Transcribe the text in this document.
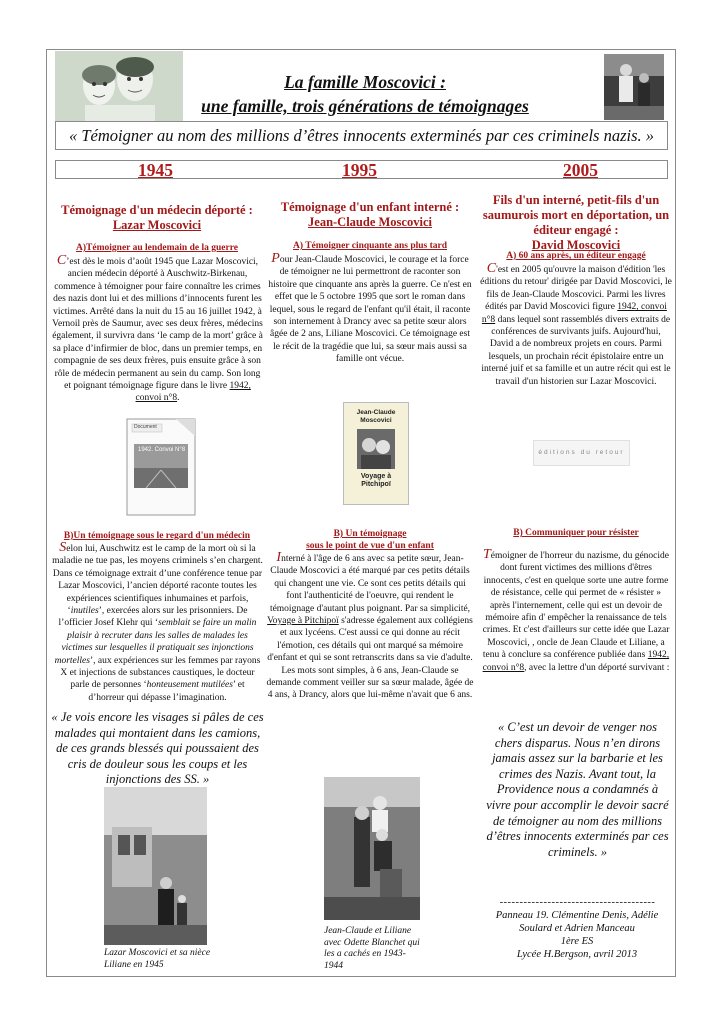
La famille Moscovici :
une famille, trois générations de témoignages
« Témoigner au nom des millions d’êtres innocents exterminés par ces criminels nazis. »
1945	1995	2005
Témoignage d'un médecin déporté :
Lazar Moscovici
A)Témoigner au lendemain de la guerre
C’est dès le mois d’août 1945 que Lazar Moscovici, ancien médecin déporté à Auschwitz-Birkenau, commence à témoigner pour faire connaître les crimes des nazis dont lui et des millions d’innocents furent les victimes. Arrêté dans la nuit du 15 au 16 juillet 1942, à Vernoil près de Saumur, avec ses deux frères, médecins également, il survivra dans ‘le camp de la mort’ grâce à sa place d’infirmier de bloc, dans un premier temps, en compagnie de ses deux frères, puis ensuite grâce à son rôle de médecin permanent au sein du camp. Son long et poignant témoignage figure dans le livre 1942, convoi n°8.
Document
1942. Convoi N°8
B)Un témoignage sous le regard d'un médecin
Selon lui, Auschwitz est le camp de la mort où si la maladie ne tue pas, les moyens criminels s’en chargent. Dans ce témoignage extrait d’une conférence tenue par Lazar Moscovici, l’ancien déporté raconte toutes les expériences scientifiques inhumaines et parfois, ‘inutiles’, exercées alors sur les prisonniers. De l’officier Josef Klehr qui ‘semblait se faire un malin plaisir à recruter dans les salles de malades les victimes sur lesquelles il pratiquait ses injonctions mortelles’, aux expériences sur les femmes par rayons X et injections de substances caustiques, le docteur parle de personnes ‘honteusement mutilées’ et d’horreur qui dépasse l’imagination.
« Je vois encore les visages si pâles de ces malades qui montaient dans les camions, de ces grands blessés qui poussaient des cris de douleur sous les coups et les injonctions des SS. »
Lazar Moscovici et sa nièce Liliane en 1945
Témoignage d'un enfant interné :
Jean-Claude Moscovici
A) Témoigner cinquante ans plus tard
Pour Jean-Claude Moscovici, le courage et la force de témoigner ne lui permettront de raconter son histoire que cinquante ans après la guerre. Ce n'est en effet que le 5 octobre 1995 que sort le roman dans lequel, sous le regard de l'enfant qu'il était, il raconte son internement à Drancy avec sa petite sœur alors âgée de 2 ans, Liliane Moscovici. Ce témoignage est le récit de la tragédie que lui, sa sœur mais aussi sa famille ont vécue.
Jean-Claude Moscovici
Voyage à Pitchipoï
B) Un témoignage
sous le point de vue d'un enfant
Interné à l'âge de 6 ans avec sa petite sœur, Jean-Claude Moscovici a été marqué par ces petits détails qui changent une vie. Ce sont ces petits détails qui font l'authenticité de l'oeuvre, qui rendent le témoignage d'autant plus poignant. Par sa simplicité, Voyage à Pitchipoï s'adresse également aux collégiens et aux lycéens. C'est aussi ce qui donne au récit l'émotion, ces détails qui ont marqué sa mémoire d'enfant et qui se sont retranscrits dans sa vie d'adulte. Les mots sont simples, à 6 ans, Jean-Claude se demande comment veiller sur sa sœur malade, âgée de 4 ans, à Drancy, alors que lui-même n'avait que 6 ans.
Jean-Claude et Liliane avec Odette Blanchet qui les a cachés en 1943-1944
Fils d'un interné, petit-fils d'un saumurois mort en déportation, un éditeur engagé :
David Moscovici
A) 60 ans après, un éditeur engagé
C'est en 2005 qu'ouvre la maison d'édition 'les éditions du retour' dirigée par David Moscovici, le fils de Jean-Claude Moscovici. Parmi les livres édités par David Moscovici figure 1942, convoi n°8 dans lequel sont rassemblés divers extraits de conférences de survivants juifs. Aujourd'hui, David a de nombreux projets en cours. Parmi lesquels, un prochain récit épistolaire entre un interné juif et sa famille et un autre récit qui est le travail d'un historien sur Lazar Moscovici.
éditions du retour
B) Communiquer pour résister
Témoigner de l'horreur du nazisme, du génocide dont furent victimes des millions d'êtres innocents, c'est en quelque sorte une autre forme de résistance, celle qui permet de « résister » après l'internement, celle qui est un devoir de mémoire afin d' empêcher la renaissance de tels crimes. Et c'est d'ailleurs sur cette idée que Lazar Moscovici, , oncle de Jean Claude et Liliane, a tenu à conclure sa conférence publiée dans 1942, convoi n°8, avec la lettre d'un déporté survivant :
« C’est un devoir de venger nos chers disparus. Nous n’en dirons jamais assez sur la barbarie et les crimes des Nazis. Avant tout, la Providence nous a condamnés à vivre pour accomplir le devoir sacré de témoigner au nom des millions d’êtres innocents exterminés par ces criminels. »
---------------------------------------
Panneau 19. Clémentine Denis, Adélie
Soulard et Adrien Manceau
1ère ES
Lycée H.Bergson, avril 2013
